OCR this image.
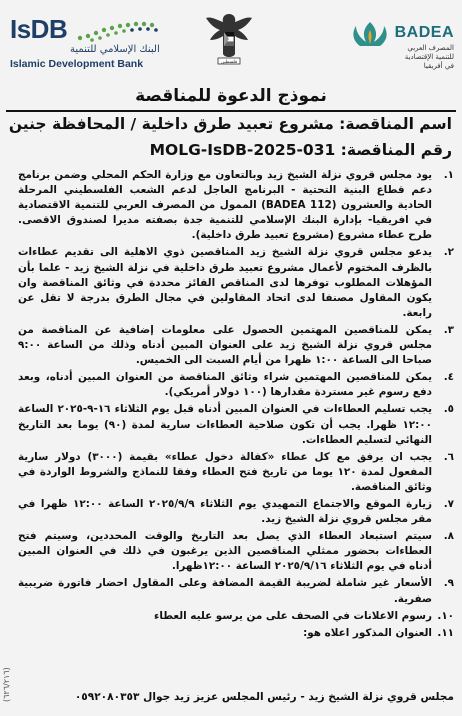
IsDB
البنك الإسلامي للتنمية
Islamic Development Bank	فلسطين
BADEA
المصرف العربي
للتنمية الإقتصادية
في أفريقيا
نموذج الدعوة للمناقصة
اسم المناقصة: مشروع تعبيد طرق داخلية / المحافظة جنين
رقم المناقصة: MOLG-IsDB-2025-031
١.
يود مجلس قروي نزلة الشيخ زيد وبالتعاون مع وزارة الحكم المحلي وضمن برنامج دعم قطاع البنية التحتية - البرنامج العاجل لدعم الشعب الفلسطيني المرحلة الحادية والعشرون (BADEA 112) الممول من المصرف العربي للتنمية الاقتصادية في افريقيا- بإدارة البنك الإسلامي للتنمية جدة بصفته مديرا لصندوق الاقصى. طرح عطاء مشروع (مشروع تعبيد طرق داخلية).
٢.
يدعو مجلس قروي نزلة الشيخ زيد المناقصين ذوي الاهلية الى تقديم عطاءات بالظرف المختوم لأعمال مشروع تعبيد طرق داخلية في نزلة الشيخ زيد - علما بأن المؤهلات المطلوب توفرها لدى المناقص الفائز محددة في وثائق المناقصة وان يكون المقاول مصنفا لدى اتحاد المقاولين في مجال الطرق بدرجة لا تقل عن رابعة.
٣.
يمكن للمناقصين المهتمين الحصول على معلومات إضافية عن المناقصة من مجلس قروي نزلة الشيخ زيد على العنوان المبين أدناه وذلك من الساعة ٩:٠٠ صباحا الى الساعة ١:٠٠ ظهرا من أيام السبت الى الخميس.
٤.
يمكن للمناقصين المهتمين شراء وثائق المناقصة من العنوان المبين أدناه، وبعد دفع رسوم غير مستردة مقدارها (١٠٠ دولار أمريكي).
٥.
يجب تسليم العطاءات في العنوان المبين أدناه قبل يوم الثلاثاء ١٦-٩-٢٠٢٥ الساعة ١٢:٠٠ ظهرا. يجب أن تكون صلاحية العطاءات سارية لمدة (٩٠) يوما بعد التاريخ النهائي لتسليم العطاءات.
٦.
يجب ان يرفق مع كل عطاء «كفالة دخول عطاء» بقيمة (٣٠٠٠) دولار سارية المفعول لمدة ١٢٠ يوما من تاريخ فتح العطاء وفقا للنماذج والشروط الواردة في وثائق المناقصة.
٧.
زيارة الموقع والاجتماع التمهيدي يوم الثلاثاء ٢٠٢٥/٩/٩ الساعة ١٢:٠٠ ظهرا في مقر مجلس قروي نزلة الشيخ زيد.
٨.
سيتم استبعاد العطاء الذي يصل بعد التاريخ والوقت المحددين، وسيتم فتح العطاءات بحضور ممثلي المناقصين الذين يرغبون في ذلك في العنوان المبين أدناه في يوم الثلاثاء ٢٠٢٥/٩/١٦ الساعة ١٢:٠٠ظهرا.
٩.
الأسعار غير شاملة لضريبة القيمة المضافة وعلى المقاول احضار فاتورة ضريبية صفرية.
١٠.
رسوم الاعلانات في الصحف على من يرسو عليه العطاء
١١.
العنوان المذكور اعلاه هو:
(٦٢٦/٢١٦)
مجلس قروي نزلة الشيخ زيد - رئيس المجلس عزيز زيد جوال ٠٥٩٢٠٨٠٣٥٣
